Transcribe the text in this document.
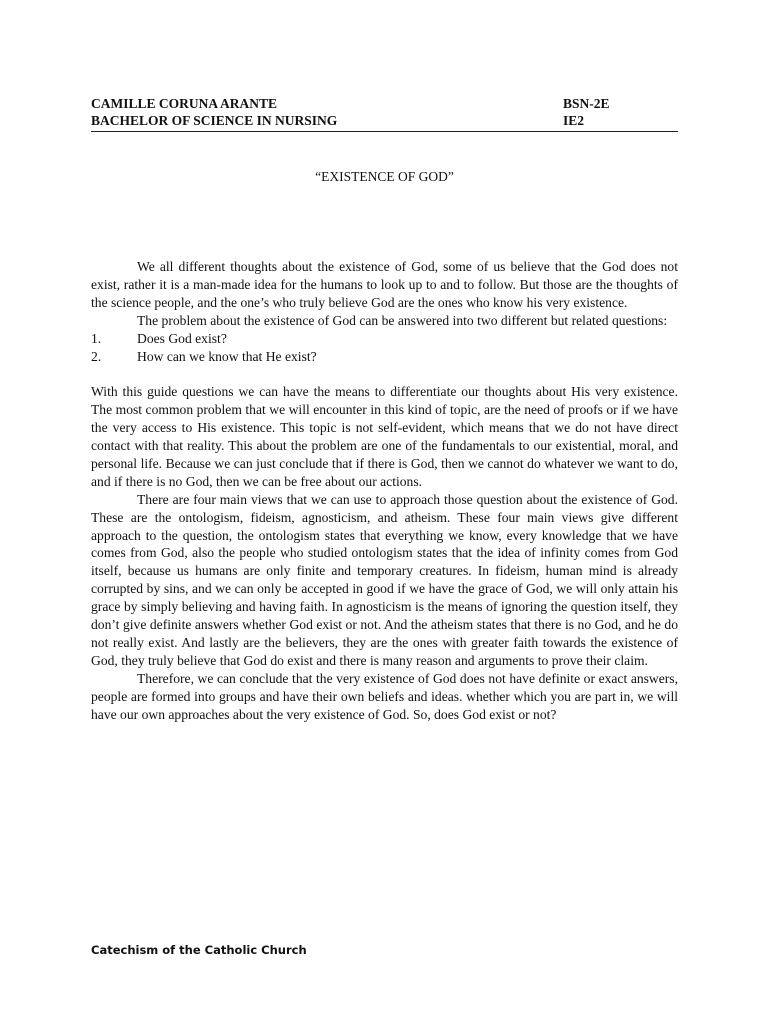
CAMILLE CORUNA ARANTE	BSN-2E
BACHELOR OF SCIENCE IN NURSING	IE2
“EXISTENCE OF GOD”

We all different thoughts about the existence of God, some of us believe that the God does not exist, rather it is a man-made idea for the humans to look up to and to follow. But those are the thoughts of the science people, and the one’s who truly believe God are the ones who know his very existence.

The problem about the existence of God can be answered into two different but related questions:

1.	Does God exist?
2.	How can we know that He exist?

With this guide questions we can have the means to differentiate our thoughts about His very existence. The most common problem that we will encounter in this kind of topic, are the need of proofs or if we have the very access to His existence. This topic is not self-evident, which means that we do not have direct contact with that reality. This about the problem are one of the fundamentals to our existential, moral, and personal life. Because we can just conclude that if there is God, then we cannot do whatever we want to do, and if there is no God, then we can be free about our actions.

There are four main views that we can use to approach those question about the existence of God. These are the ontologism, fideism, agnosticism, and atheism. These four main views give different approach to the question, the ontologism states that everything we know, every knowledge that we have comes from God, also the people who studied ontologism states that the idea of infinity comes from God itself, because us humans are only finite and temporary creatures. In fideism, human mind is already corrupted by sins, and we can only be accepted in good if we have the grace of God, we will only attain his grace by simply believing and having faith. In agnosticism is the means of ignoring the question itself, they don’t give definite answers whether God exist or not. And the atheism states that there is no God, and he do not really exist. And lastly are the believers, they are the ones with greater faith towards the existence of God, they truly believe that God do exist and there is many reason and arguments to prove their claim.

Therefore, we can conclude that the very existence of God does not have definite or exact answers, people are formed into groups and have their own beliefs and ideas. whether which you are part in, we will have our own approaches about the very existence of God. So, does God exist or not?

Catechism of the Catholic Church
